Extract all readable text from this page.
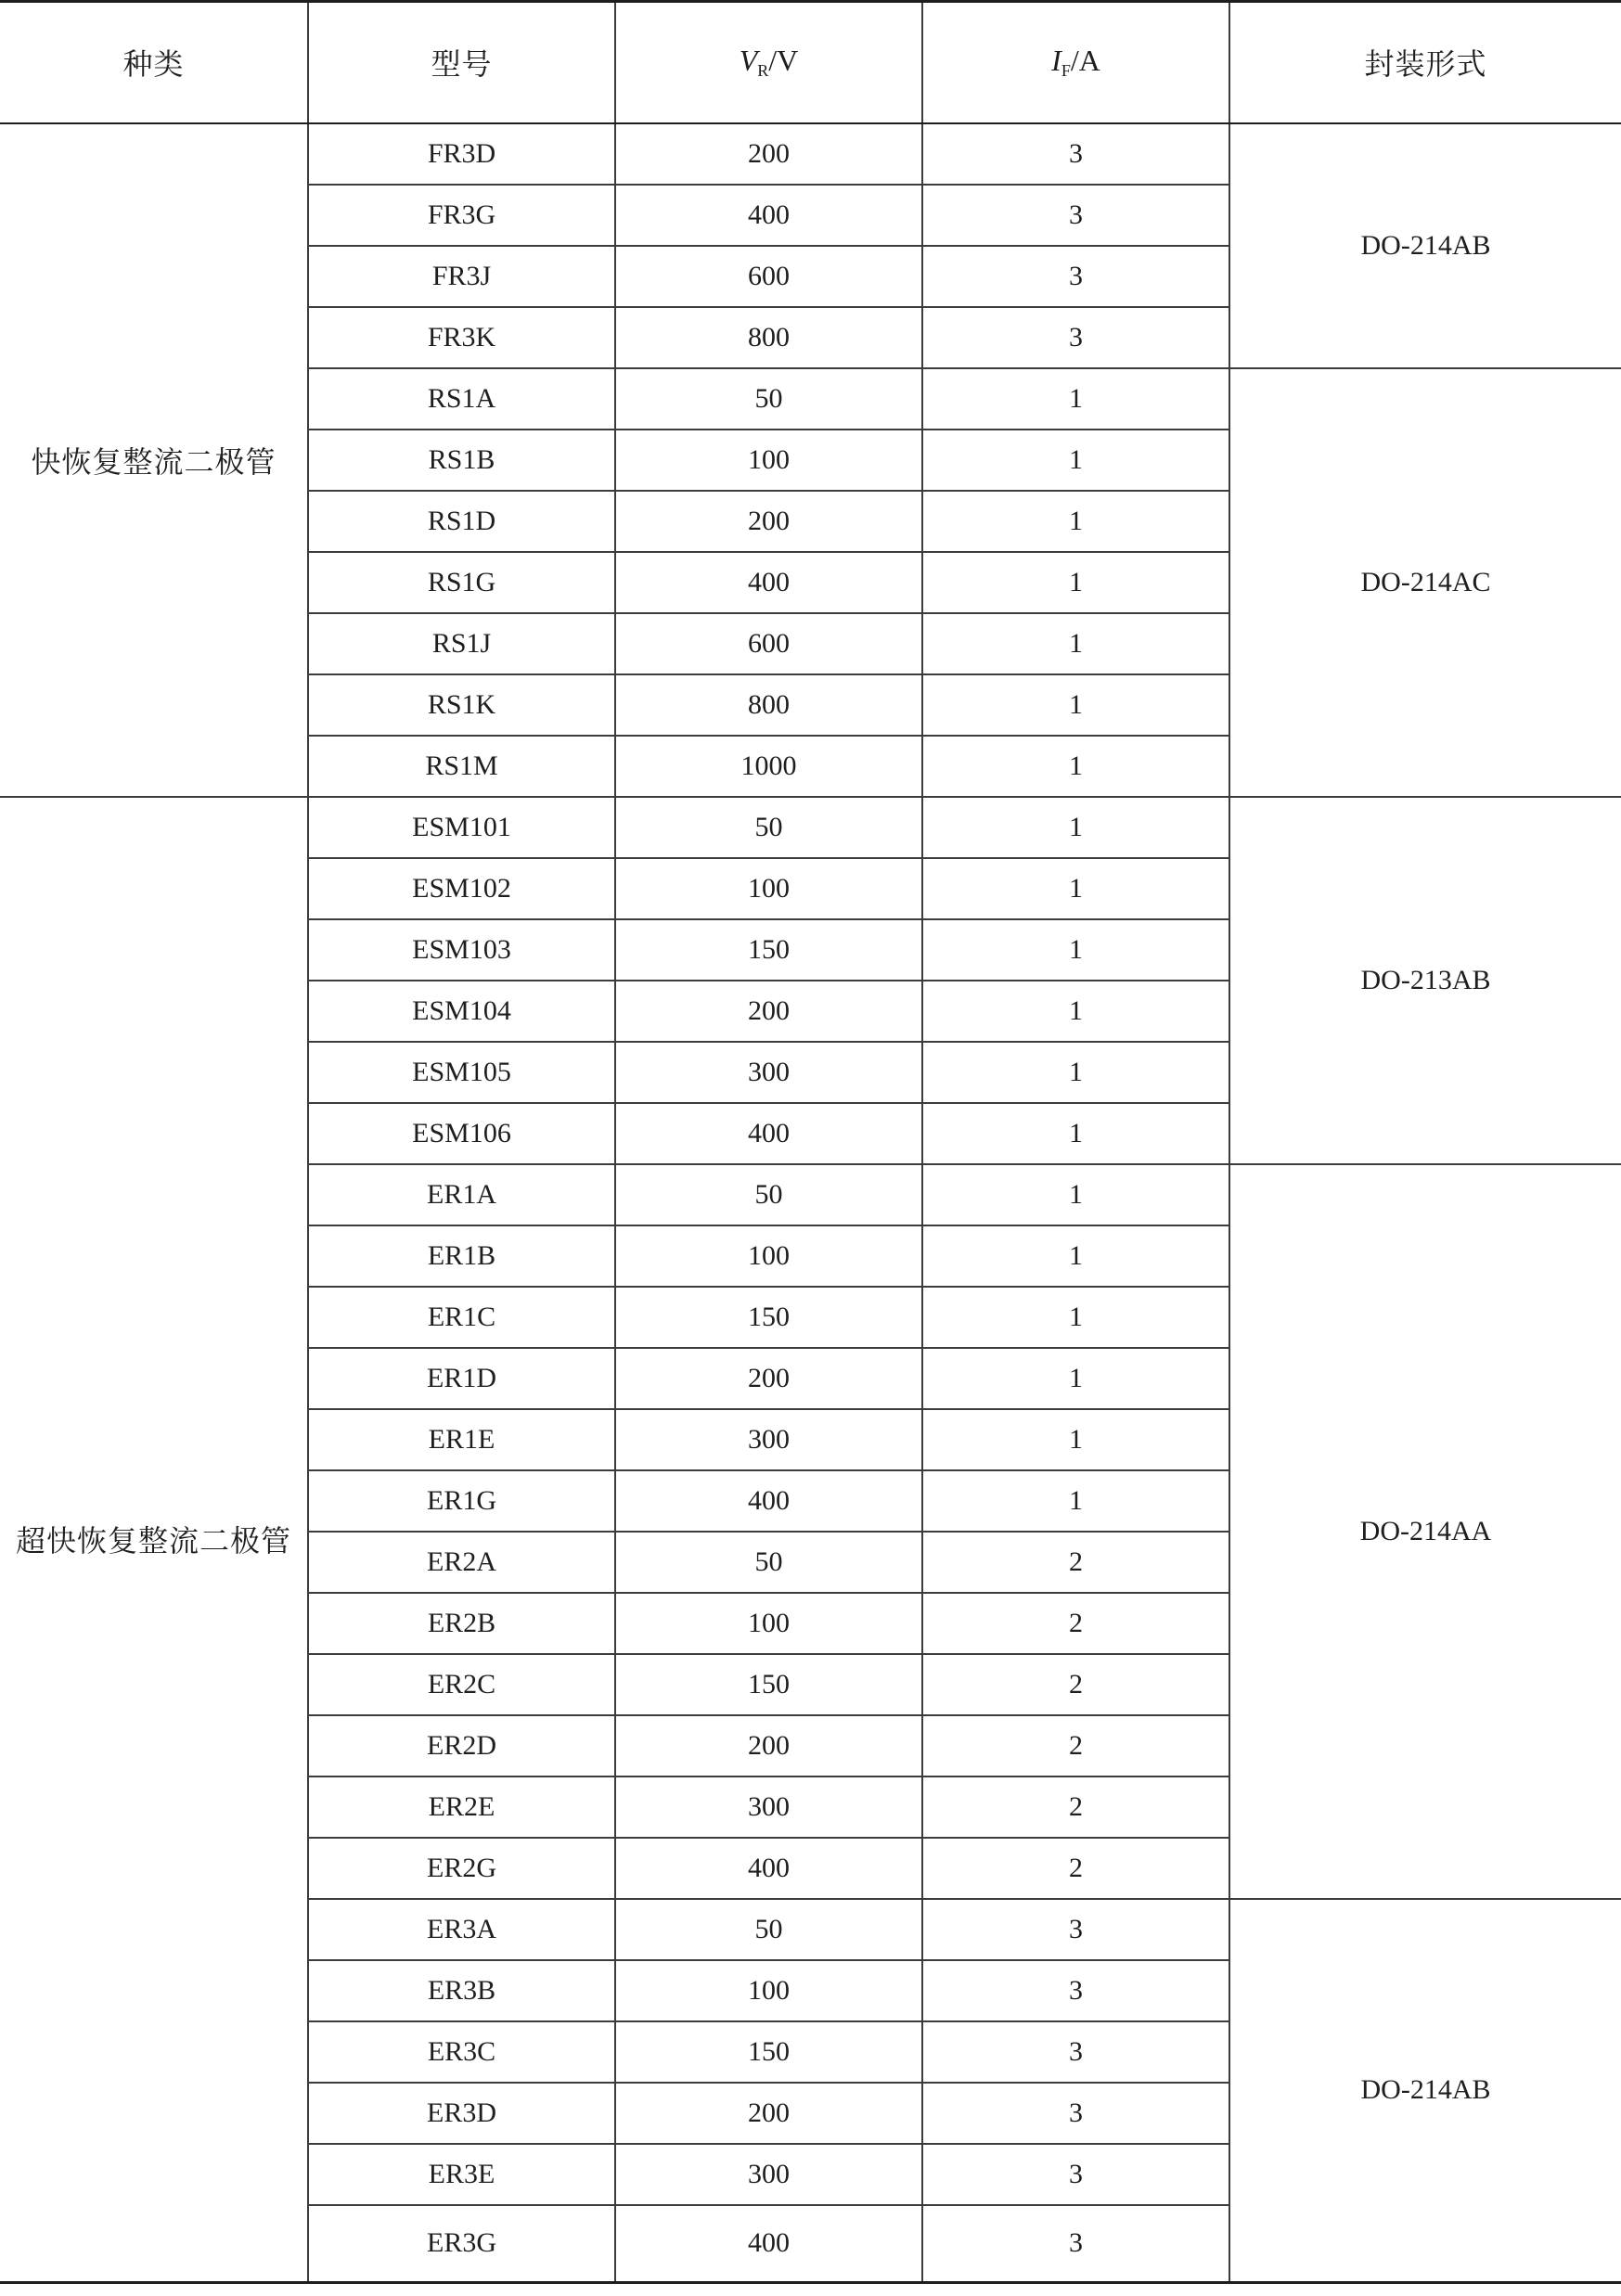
种类	型号	$V_R/V$	$I_F/A$	封装形式
快恢复整流二极管	FR3D	200	3	DO-214AB
	FR3G	400	3	
	FR3J	600	3	
	FR3K	800	3	
	RS1A	50	1	DO-214AC
	RS1B	100	1	
	RS1D	200	1	
	RS1G	400	1	
	RS1J	600	1	
	RS1K	800	1	
	RS1M	1000	1	
超快恢复整流二极管	ESM101	50	1	DO-213AB
	ESM102	100	1	
	ESM103	150	1	
	ESM104	200	1	
	ESM105	300	1	
	ESM106	400	1	
	ER1A	50	1	DO-214AA
	ER1B	100	1	
	ER1C	150	1	
	ER1D	200	1	
	ER1E	300	1	
	ER1G	400	1	
	ER2A	50	2	
	ER2B	100	2	
	ER2C	150	2	
	ER2D	200	2	
	ER2E	300	2	
	ER2G	400	2	
	ER3A	50	3	DO-214AB
	ER3B	100	3	
	ER3C	150	3	
	ER3D	200	3	
	ER3E	300	3	
	ER3G	400	3	
